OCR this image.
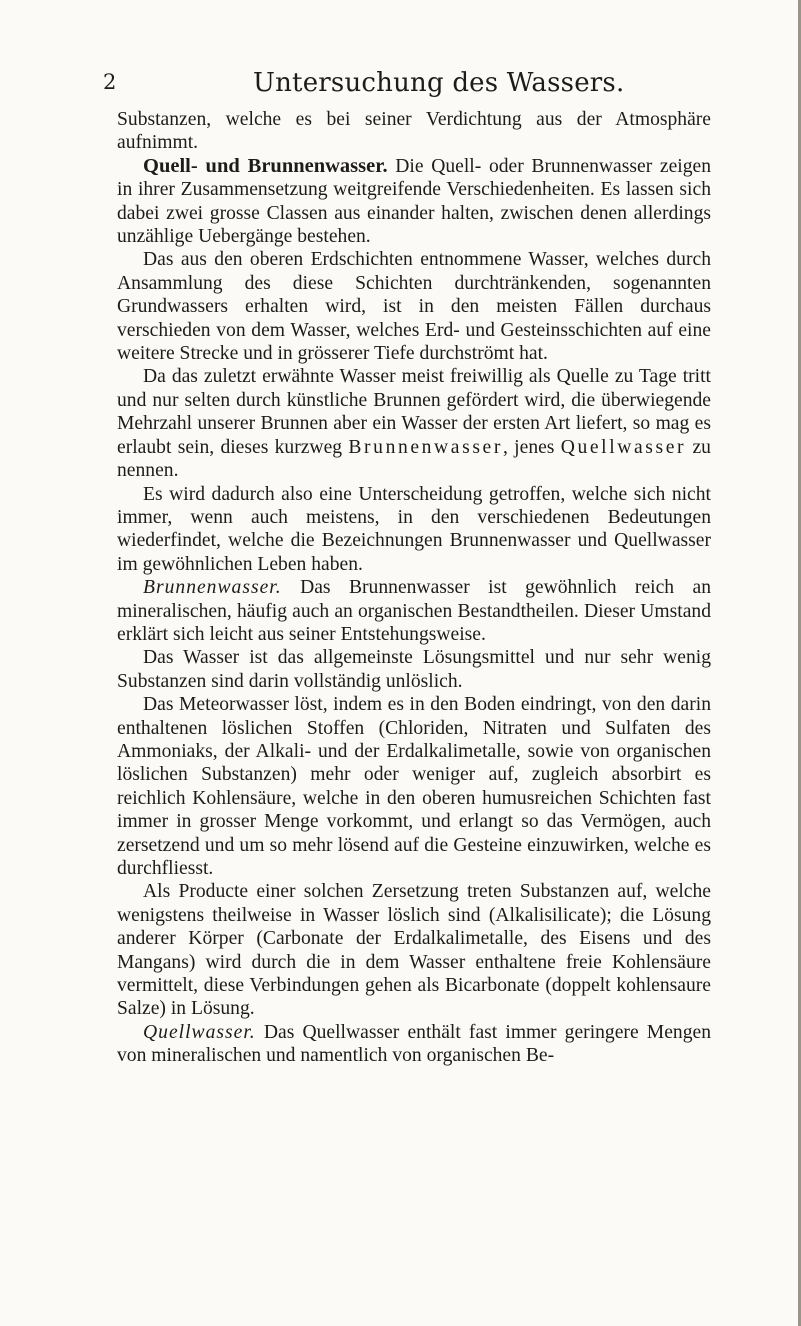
2	Untersuchung des Wassers.

Substanzen, welche es bei seiner Verdichtung aus der Atmosphäre aufnimmt.

Quell- und Brunnenwasser. Die Quell- oder Brunnenwasser zeigen in ihrer Zusammensetzung weitgreifende Verschiedenheiten. Es lassen sich dabei zwei grosse Classen aus einander halten, zwischen denen allerdings unzählige Uebergänge bestehen.

Das aus den oberen Erdschichten entnommene Wasser, welches durch Ansammlung des diese Schichten durchtränkenden, sogenannten Grundwassers erhalten wird, ist in den meisten Fällen durchaus verschieden von dem Wasser, welches Erd- und Gesteinsschichten auf eine weitere Strecke und in grösserer Tiefe durchströmt hat.

Da das zuletzt erwähnte Wasser meist freiwillig als Quelle zu Tage tritt und nur selten durch künstliche Brunnen gefördert wird, die überwiegende Mehrzahl unserer Brunnen aber ein Wasser der ersten Art liefert, so mag es erlaubt sein, dieses kurzweg Brunnenwasser, jenes Quellwasser zu nennen.

Es wird dadurch also eine Unterscheidung getroffen, welche sich nicht immer, wenn auch meistens, in den verschiedenen Bedeutungen wiederfindet, welche die Bezeichnungen Brunnenwasser und Quellwasser im gewöhnlichen Leben haben.

Brunnenwasser. Das Brunnenwasser ist gewöhnlich reich an mineralischen, häufig auch an organischen Bestandtheilen. Dieser Umstand erklärt sich leicht aus seiner Entstehungsweise.

Das Wasser ist das allgemeinste Lösungsmittel und nur sehr wenig Substanzen sind darin vollständig unlöslich.

Das Meteorwasser löst, indem es in den Boden eindringt, von den darin enthaltenen löslichen Stoffen (Chloriden, Nitraten und Sulfaten des Ammoniaks, der Alkali- und der Erdalkalimetalle, sowie von organischen löslichen Substanzen) mehr oder weniger auf, zugleich absorbirt es reichlich Kohlensäure, welche in den oberen humusreichen Schichten fast immer in grosser Menge vorkommt, und erlangt so das Vermögen, auch zersetzend und um so mehr lösend auf die Gesteine einzuwirken, welche es durchfliesst.

Als Producte einer solchen Zersetzung treten Substanzen auf, welche wenigstens theilweise in Wasser löslich sind (Alkalisilicate); die Lösung anderer Körper (Carbonate der Erdalkalimetalle, des Eisens und des Mangans) wird durch die in dem Wasser enthaltene freie Kohlensäure vermittelt, diese Verbindungen gehen als Bicarbonate (doppelt kohlensaure Salze) in Lösung.

Quellwasser. Das Quellwasser enthält fast immer geringere Mengen von mineralischen und namentlich von organischen Be-
